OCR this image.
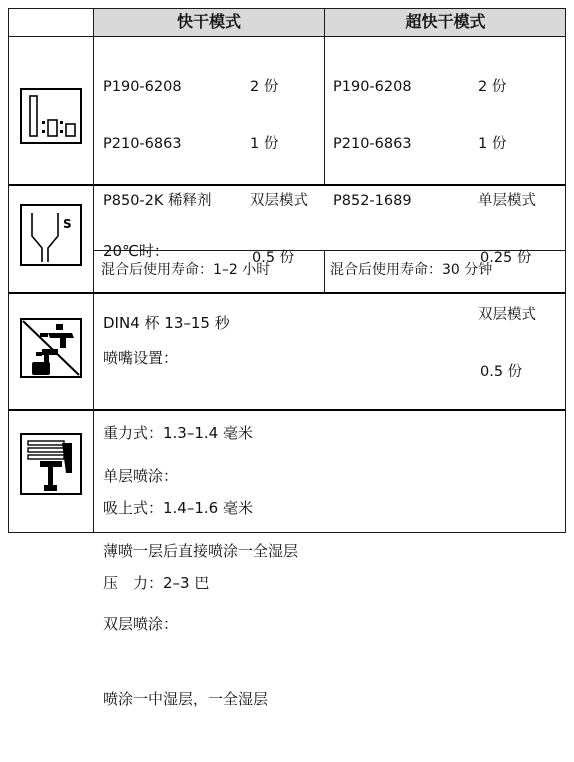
快干模式	超快干模式

P190-6208

P210-6863

P850-2K 稀释剂

2 份

1 份

双层模式

0.5 份

P190-6208

P210-6863

P852-1689

2 份

1 份

单层模式

0.25 份

双层模式

0.5 份

S

20℃时：

DIN4 杯 13–15 秒

混合后使用寿命：1–2 小时	混合后使用寿命：30 分钟

喷嘴设置：

重力式：1.3–1.4 毫米

吸上式：1.4–1.6 毫米

压　力：2–3 巴

单层喷涂：

薄喷一层后直接喷涂一全湿层

双层喷涂：

喷涂一中湿层，一全湿层
